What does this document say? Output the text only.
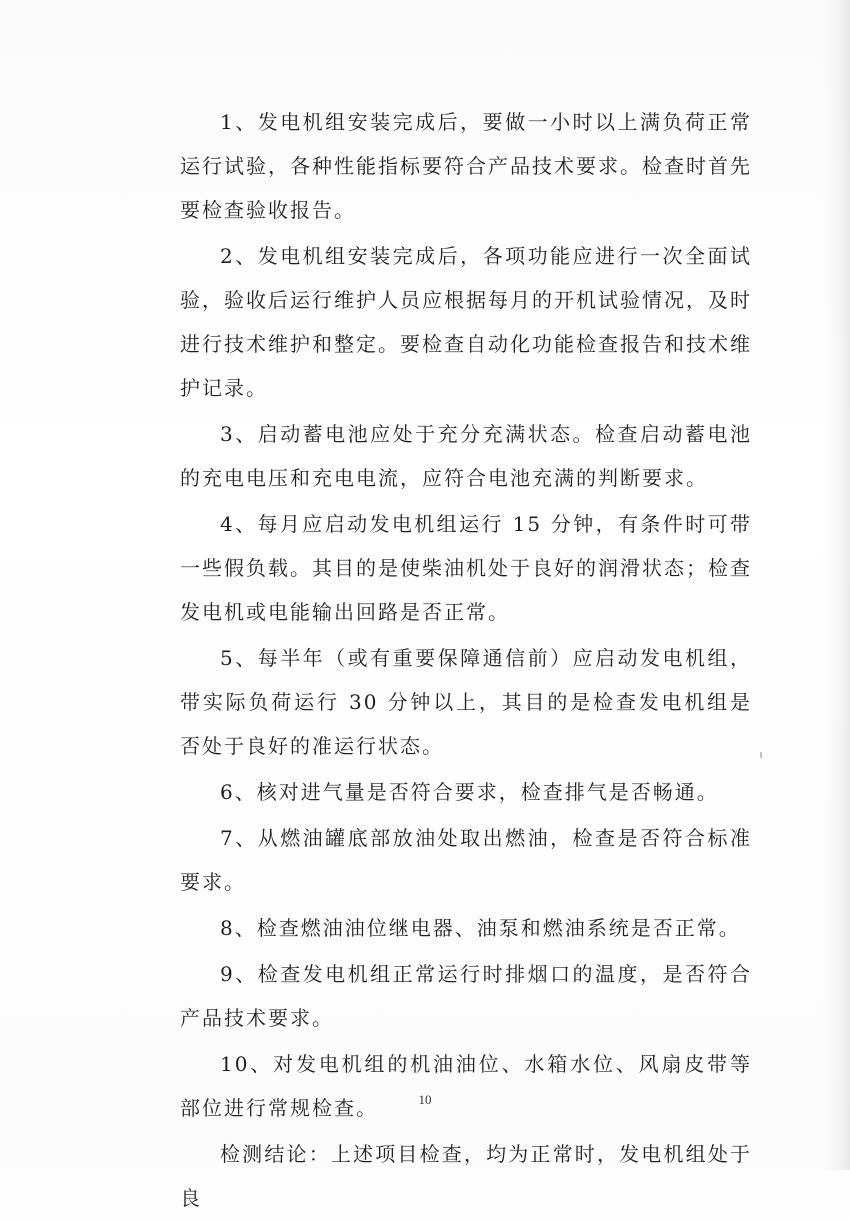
1、发电机组安装完成后，要做一小时以上满负荷正常运行试验，各种性能指标要符合产品技术要求。检查时首先要检查验收报告。

2、发电机组安装完成后，各项功能应进行一次全面试验，验收后运行维护人员应根据每月的开机试验情况，及时进行技术维护和整定。要检查自动化功能检查报告和技术维护记录。

3、启动蓄电池应处于充分充满状态。检查启动蓄电池的充电电压和充电电流，应符合电池充满的判断要求。

4、每月应启动发电机组运行 15 分钟，有条件时可带一些假负载。其目的是使柴油机处于良好的润滑状态；检查发电机或电能输出回路是否正常。

5、每半年（或有重要保障通信前）应启动发电机组，带实际负荷运行 30 分钟以上，其目的是检查发电机组是否处于良好的准运行状态。

6、核对进气量是否符合要求，检查排气是否畅通。

7、从燃油罐底部放油处取出燃油，检查是否符合标准要求。

8、检查燃油油位继电器、油泵和燃油系统是否正常。

9、检查发电机组正常运行时排烟口的温度，是否符合产品技术要求。

10、对发电机组的机油油位、水箱水位、风扇皮带等部位进行常规检查。

检测结论：上述项目检查，均为正常时，发电机组处于良

10
